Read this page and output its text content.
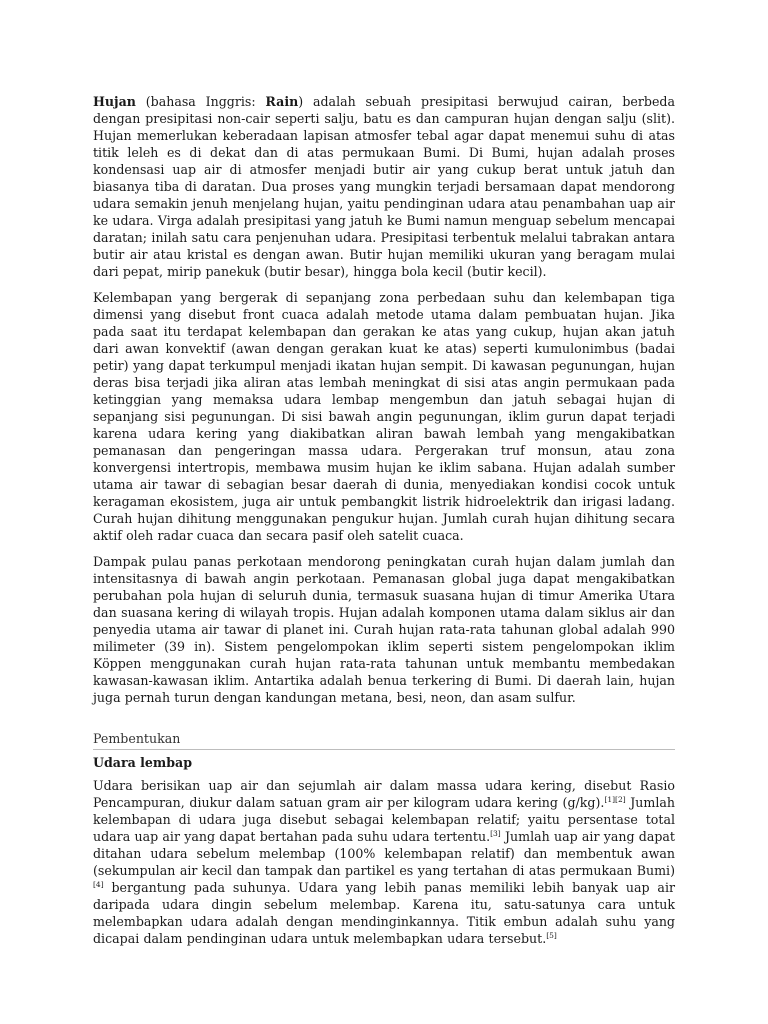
Hujan (bahasa Inggris: Rain) adalah sebuah presipitasi berwujud cairan, berbeda dengan presipitasi non-cair seperti salju, batu es dan campuran hujan dengan salju (slit). Hujan memerlukan keberadaan lapisan atmosfer tebal agar dapat menemui suhu di atas titik leleh es di dekat dan di atas permukaan Bumi. Di Bumi, hujan adalah proses kondensasi uap air di atmosfer menjadi butir air yang cukup berat untuk jatuh dan biasanya tiba di daratan. Dua proses yang mungkin terjadi bersamaan dapat mendorong udara semakin jenuh menjelang hujan, yaitu pendinginan udara atau penambahan uap air ke udara. Virga adalah presipitasi yang jatuh ke Bumi namun menguap sebelum mencapai daratan; inilah satu cara penjenuhan udara. Presipitasi terbentuk melalui tabrakan antara butir air atau kristal es dengan awan. Butir hujan memiliki ukuran yang beragam mulai dari pepat, mirip panekuk (butir besar), hingga bola kecil (butir kecil).

Kelembapan yang bergerak di sepanjang zona perbedaan suhu dan kelembapan tiga dimensi yang disebut front cuaca adalah metode utama dalam pembuatan hujan. Jika pada saat itu terdapat kelembapan dan gerakan ke atas yang cukup, hujan akan jatuh dari awan konvektif (awan dengan gerakan kuat ke atas) seperti kumulonimbus (badai petir) yang dapat terkumpul menjadi ikatan hujan sempit. Di kawasan pegunungan, hujan deras bisa terjadi jika aliran atas lembah meningkat di sisi atas angin permukaan pada ketinggian yang memaksa udara lembap mengembun dan jatuh sebagai hujan di sepanjang sisi pegunungan. Di sisi bawah angin pegunungan, iklim gurun dapat terjadi karena udara kering yang diakibatkan aliran bawah lembah yang mengakibatkan pemanasan dan pengeringan massa udara. Pergerakan truf monsun, atau zona konvergensi intertropis, membawa musim hujan ke iklim sabana. Hujan adalah sumber utama air tawar di sebagian besar daerah di dunia, menyediakan kondisi cocok untuk keragaman ekosistem, juga air untuk pembangkit listrik hidroelektrik dan irigasi ladang. Curah hujan dihitung menggunakan pengukur hujan. Jumlah curah hujan dihitung secara aktif oleh radar cuaca dan secara pasif oleh satelit cuaca.

Dampak pulau panas perkotaan mendorong peningkatan curah hujan dalam jumlah dan intensitasnya di bawah angin perkotaan. Pemanasan global juga dapat mengakibatkan perubahan pola hujan di seluruh dunia, termasuk suasana hujan di timur Amerika Utara dan suasana kering di wilayah tropis. Hujan adalah komponen utama dalam siklus air dan penyedia utama air tawar di planet ini. Curah hujan rata-rata tahunan global adalah 990 milimeter (39 in). Sistem pengelompokan iklim seperti sistem pengelompokan iklim Köppen menggunakan curah hujan rata-rata tahunan untuk membantu membedakan kawasan-kawasan iklim. Antartika adalah benua terkering di Bumi. Di daerah lain, hujan juga pernah turun dengan kandungan metana, besi, neon, dan asam sulfur.

Pembentukan
Udara lembap

Udara berisikan uap air dan sejumlah air dalam massa udara kering, disebut Rasio Pencampuran, diukur dalam satuan gram air per kilogram udara kering (g/kg).[1][2] Jumlah kelembapan di udara juga disebut sebagai kelembapan relatif; yaitu persentase total udara uap air yang dapat bertahan pada suhu udara tertentu.[3] Jumlah uap air yang dapat ditahan udara sebelum melembap (100% kelembapan relatif) dan membentuk awan (sekumpulan air kecil dan tampak dan partikel es yang tertahan di atas permukaan Bumi)[4] bergantung pada suhunya. Udara yang lebih panas memiliki lebih banyak uap air daripada udara dingin sebelum melembap. Karena itu, satu-satunya cara untuk melembapkan udara adalah dengan mendinginkannya. Titik embun adalah suhu yang dicapai dalam pendinginan udara untuk melembapkan udara tersebut.[5]
